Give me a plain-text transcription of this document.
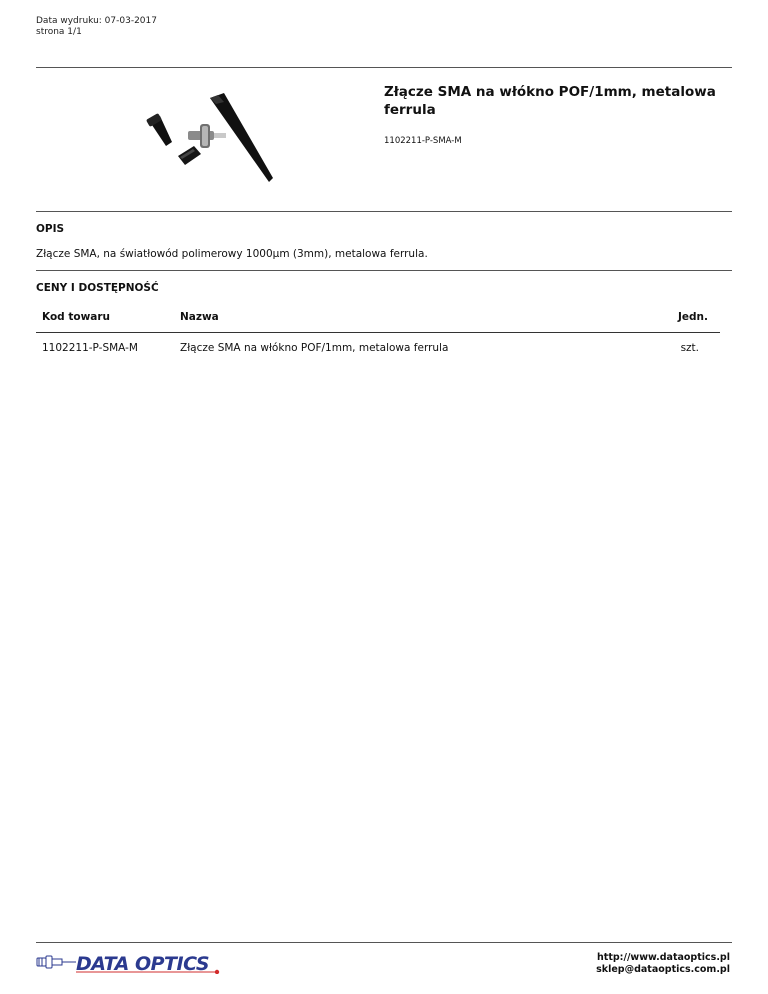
Data wydruku: 07-03-2017
strona 1/1
Złącze SMA na włókno POF/1mm, metalowa ferrula
1102211-P-SMA-M
OPIS
Złącze SMA, na światłowód polimerowy 1000µm (3mm), metalowa ferrula.
CENY I DOSTĘPNOŚĆ
Kod towaru	Nazwa	Jedn.
1102211-P-SMA-M	Złącze SMA na włókno POF/1mm, metalowa ferrula	szt.
DATA OPTICS	http://www.dataoptics.pl
sklep@dataoptics.com.pl
